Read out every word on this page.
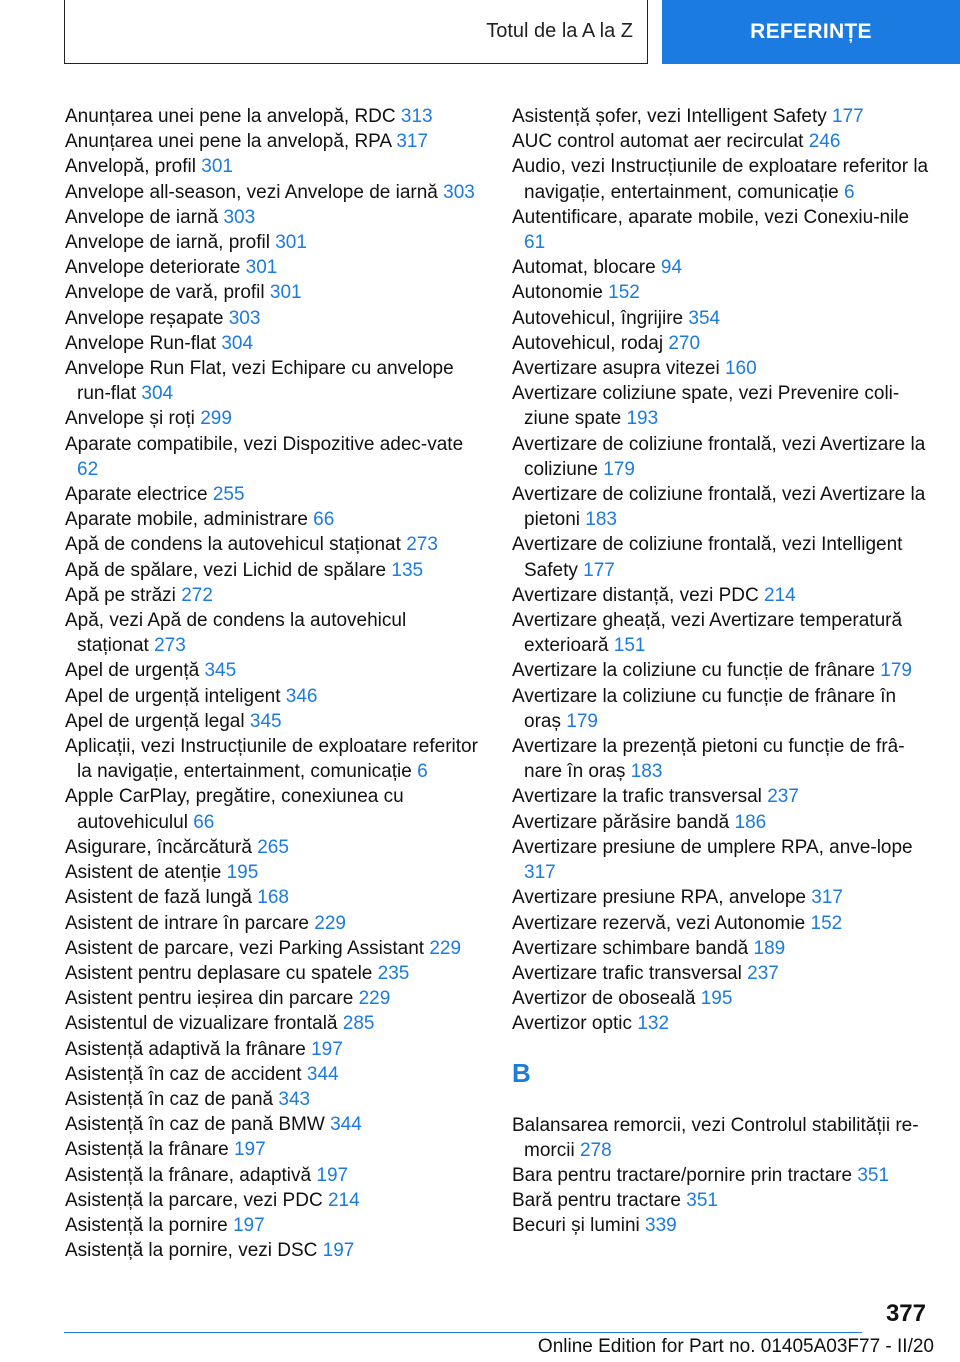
Totul de la A la Z	REFERINȚE
Anunțarea unei pene la anvelopă, RDC 313
Anunțarea unei pene la anvelopă, RPA 317
Anvelopă, profil 301
Anvelope all-season, vezi Anvelope de iarnă 303
Anvelope de iarnă 303
Anvelope de iarnă, profil 301
Anvelope deteriorate 301
Anvelope de vară, profil 301
Anvelope reșapate 303
Anvelope Run-flat 304
Anvelope Run Flat, vezi Echipare cu anvelope run-flat 304
Anvelope și roți 299
Aparate compatibile, vezi Dispozitive adec-vate 62
Aparate electrice 255
Aparate mobile, administrare 66
Apă de condens la autovehicul staționat 273
Apă de spălare, vezi Lichid de spălare 135
Apă pe străzi 272
Apă, vezi Apă de condens la autovehicul staționat 273
Apel de urgență 345
Apel de urgență inteligent 346
Apel de urgență legal 345
Aplicații, vezi Instrucțiunile de exploatare referitor la navigație, entertainment, comunicație 6
Apple CarPlay, pregătire, conexiunea cu autovehiculul 66
Asigurare, încărcătură 265
Asistent de atenție 195
Asistent de fază lungă 168
Asistent de intrare în parcare 229
Asistent de parcare, vezi Parking Assistant 229
Asistent pentru deplasare cu spatele 235
Asistent pentru ieșirea din parcare 229
Asistentul de vizualizare frontală 285
Asistență adaptivă la frânare 197
Asistență în caz de accident 344
Asistență în caz de pană 343
Asistență în caz de pană BMW 344
Asistență la frânare 197
Asistență la frânare, adaptivă 197
Asistență la parcare, vezi PDC 214
Asistență la pornire 197
Asistență la pornire, vezi DSC 197
Asistență șofer, vezi Intelligent Safety 177
AUC control automat aer recirculat 246
Audio, vezi Instrucțiunile de exploatare referitor la navigație, entertainment, comunicație 6
Autentificare, aparate mobile, vezi Conexiu-nile 61
Automat, blocare 94
Autonomie 152
Autovehicul, îngrijire 354
Autovehicul, rodaj 270
Avertizare asupra vitezei 160
Avertizare coliziune spate, vezi Prevenire coli-ziune spate 193
Avertizare de coliziune frontală, vezi Avertizare la coliziune 179
Avertizare de coliziune frontală, vezi Avertizare la pietoni 183
Avertizare de coliziune frontală, vezi Intelligent Safety 177
Avertizare distanță, vezi PDC 214
Avertizare gheață, vezi Avertizare temperatură exterioară 151
Avertizare la coliziune cu funcție de frânare 179
Avertizare la coliziune cu funcție de frânare în oraș 179
Avertizare la prezență pietoni cu funcție de frâ-nare în oraș 183
Avertizare la trafic transversal 237
Avertizare părăsire bandă 186
Avertizare presiune de umplere RPA, anve-lope 317
Avertizare presiune RPA, anvelope 317
Avertizare rezervă, vezi Autonomie 152
Avertizare schimbare bandă 189
Avertizare trafic transversal 237
Avertizor de oboseală 195
Avertizor optic 132
B
Balansarea remorcii, vezi Controlul stabilității re-morcii 278
Bara pentru tractare/pornire prin tractare 351
Bară pentru tractare 351
Becuri și lumini 339
377
Online Edition for Part no. 01405A03F77 - II/20
